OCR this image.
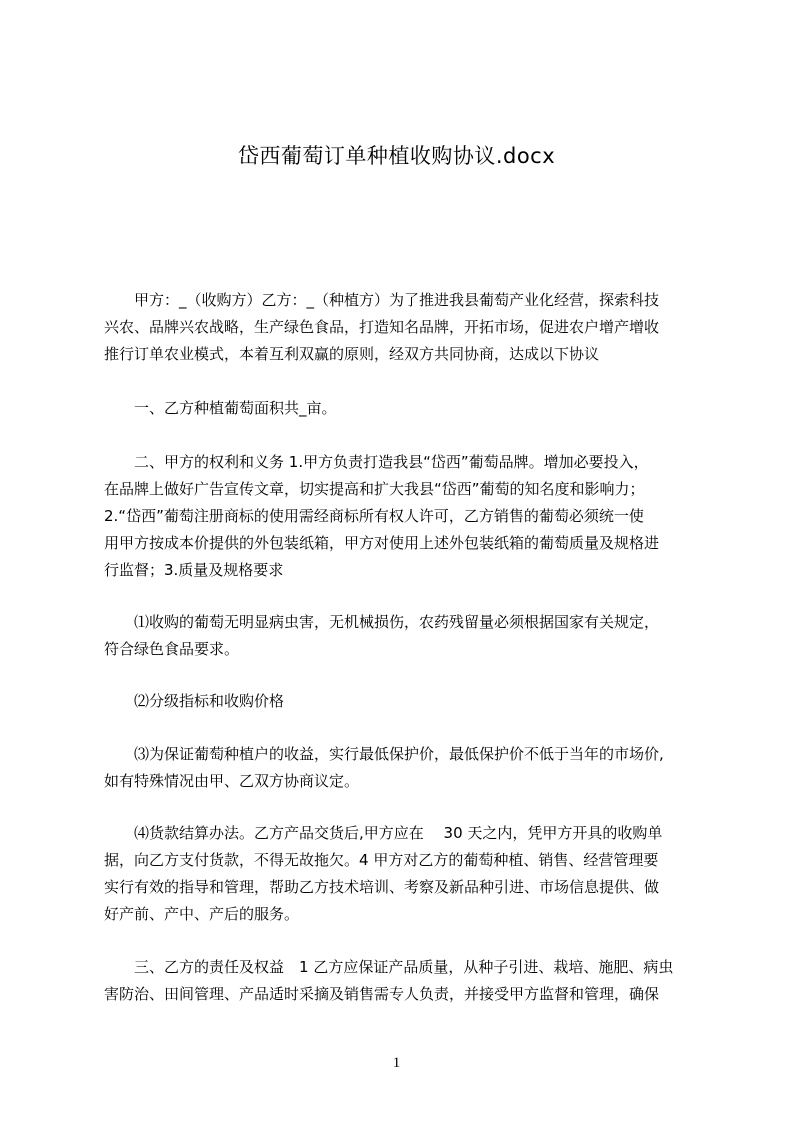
岱西葡萄订单种植收购协议.docx

　　甲方：_（收购方）乙方：_（种植方）为了推进我县葡萄产业化经营，探索科技

兴农、品牌兴农战略，生产绿色食品，打造知名品牌，开拓市场，促进农户增产增收

推行订单农业模式，本着互利双赢的原则，经双方共同协商，达成以下协议

　　一、乙方种植葡萄面积共_亩。

　　二、甲方的权利和义务 1.甲方负责打造我县“岱西”葡萄品牌。增加必要投入，

在品牌上做好广告宣传文章，切实提高和扩大我县“岱西”葡萄的知名度和影响力；

2.“岱西”葡萄注册商标的使用需经商标所有权人许可，乙方销售的葡萄必须统一使

用甲方按成本价提供的外包装纸箱，甲方对使用上述外包装纸箱的葡萄质量及规格进

行监督；3.质量及规格要求

　　⑴收购的葡萄无明显病虫害，无机械损伤，农药残留量必须根据国家有关规定，

符合绿色食品要求。

　　⑵分级指标和收购价格

　　⑶为保证葡萄种植户的收益，实行最低保护价，最低保护价不低于当年的市场价,

如有特殊情况由甲、乙双方协商议定。

　　⑷货款结算办法。乙方产品交货后,甲方应在　 30 天之内，凭甲方开具的收购单

据，向乙方支付货款，不得无故拖欠。4 甲方对乙方的葡萄种植、销售、经营管理要

实行有效的指导和管理，帮助乙方技术培训、考察及新品种引进、市场信息提供、做

好产前、产中、产后的服务。

　　三、乙方的责任及权益　1 乙方应保证产品质量，从种子引进、栽培、施肥、病虫

害防治、田间管理、产品适时采摘及销售需专人负责，并接受甲方监督和管理，确保

1
